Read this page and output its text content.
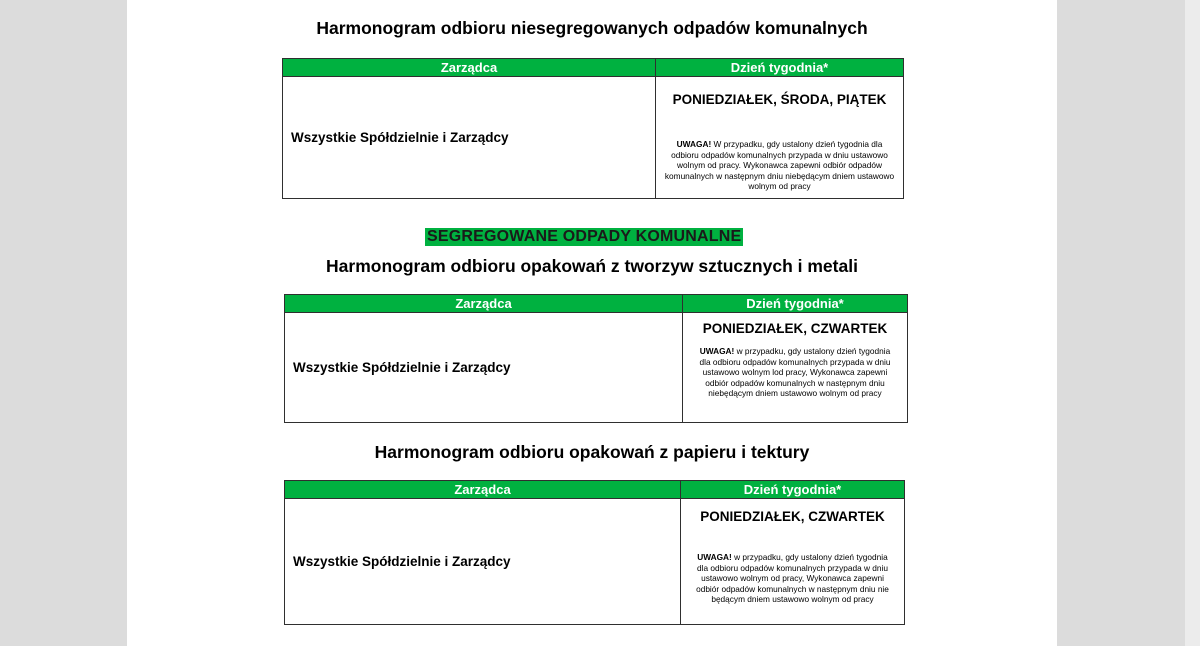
Harmonogram odbioru niesegregowanych odpadów komunalnych
Zarządca	Dzień tygodnia*
Wszystkie Spółdzielnie i Zarządcy	PONIEDZIAŁEK, ŚRODA, PIĄTEK
UWAGA! W przypadku, gdy ustalony dzień tygodnia dla odbioru odpadów komunalnych przypada w dniu ustawowo wolnym od pracy. Wykonawca zapewni odbiór odpadów komunalnych w następnym dniu niebędącym dniem ustawowo wolnym od pracy
SEGREGOWANE ODPADY KOMUNALNE
Harmonogram odbioru opakowań z tworzyw sztucznych i metali
Zarządca	Dzień tygodnia*
Wszystkie Spółdzielnie i Zarządcy	PONIEDZIAŁEK, CZWARTEK
UWAGA! w przypadku, gdy ustalony dzień tygodnia dla odbioru odpadów komunalnych przypada w dniu ustawowo wolnym lod pracy, Wykonawca zapewni odbiór odpadów komunalnych w następnym dniu niebędącym dniem ustawowo wolnym od pracy
Harmonogram odbioru opakowań z papieru i tektury
Zarządca	Dzień tygodnia*
Wszystkie Spółdzielnie i Zarządcy	PONIEDZIAŁEK, CZWARTEK
UWAGA! w przypadku, gdy ustalony dzień tygodnia dla odbioru odpadów komunalnych przypada w dniu ustawowo wolnym od pracy, Wykonawca zapewni odbiór odpadów komunalnych w następnym dniu nie będącym dniem ustawowo wolnym od pracy
